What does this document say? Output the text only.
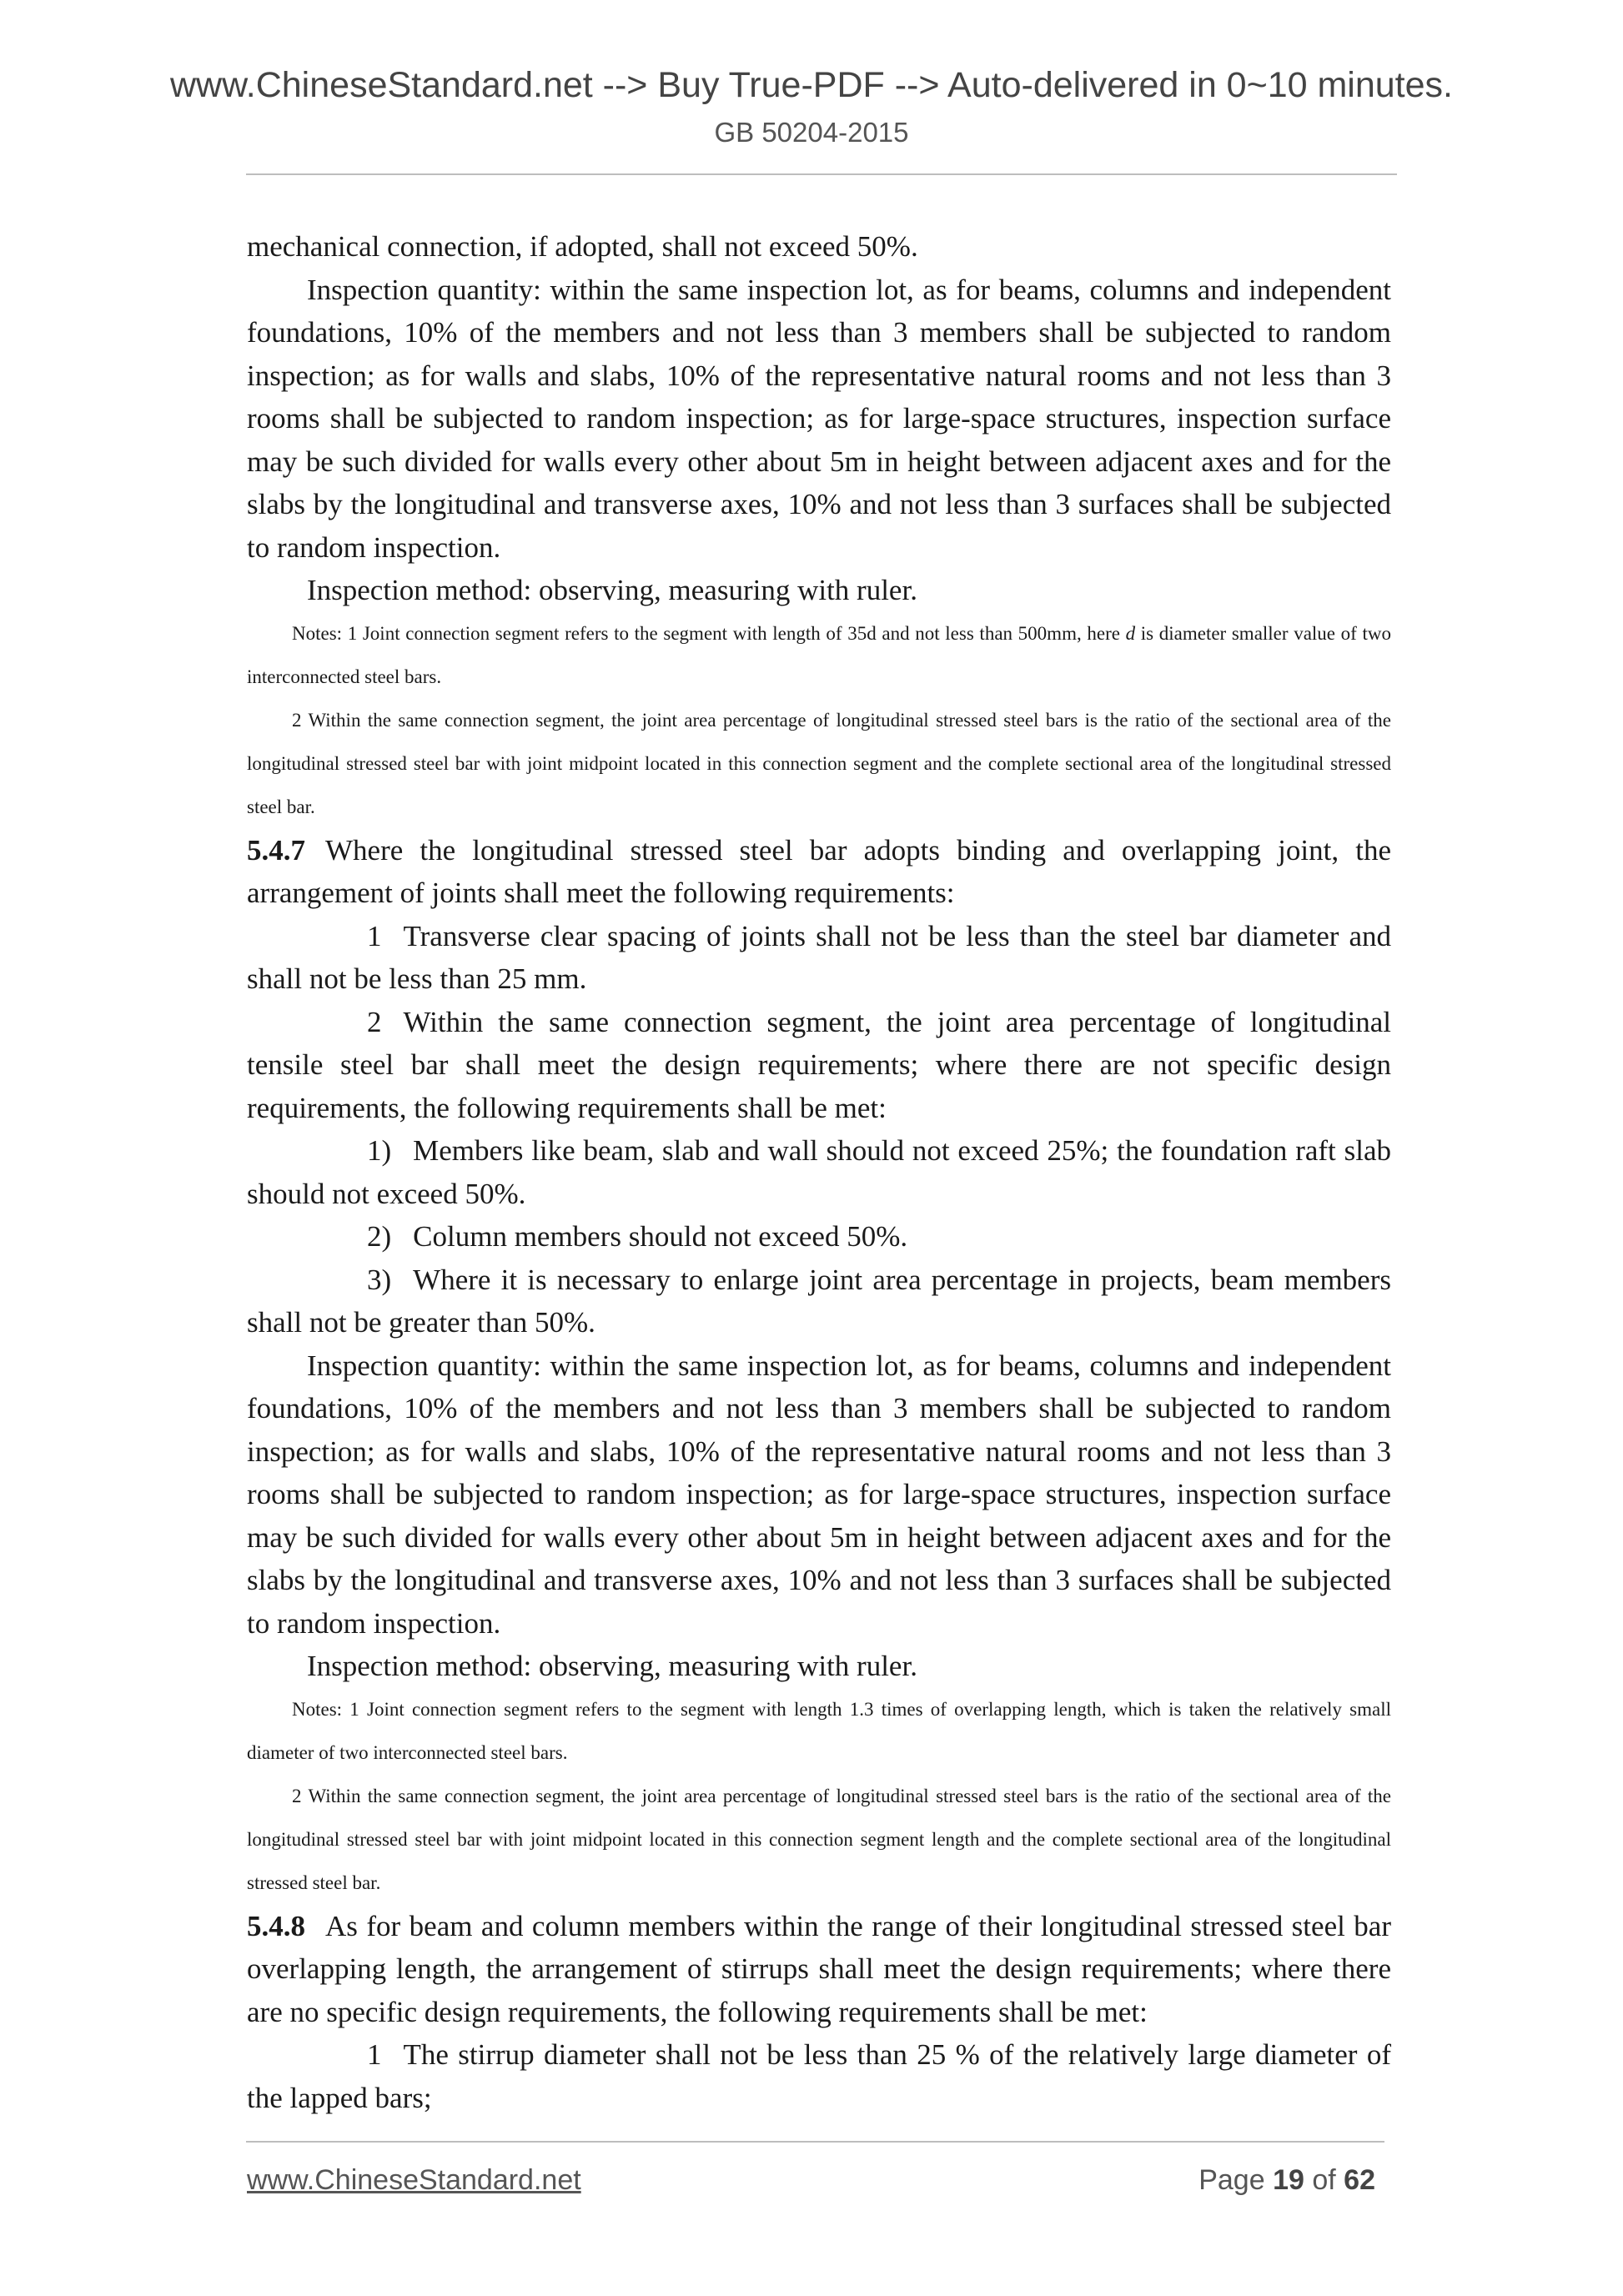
www.ChineseStandard.net --> Buy True-PDF --> Auto-delivered in 0~10 minutes.
GB 50204-2015

mechanical connection, if adopted, shall not exceed 50%.

Inspection quantity: within the same inspection lot, as for beams, columns and independent foundations, 10% of the members and not less than 3 members shall be subjected to random inspection; as for walls and slabs, 10% of the representative natural rooms and not less than 3 rooms shall be subjected to random inspection; as for large-space structures, inspection surface may be such divided for walls every other about 5m in height between adjacent axes and for the slabs by the longitudinal and transverse axes, 10% and not less than 3 surfaces shall be subjected to random inspection.

Inspection method: observing, measuring with ruler.

Notes: 1 Joint connection segment refers to the segment with length of 35d and not less than 500mm, here d is diameter smaller value of two interconnected steel bars.

2 Within the same connection segment, the joint area percentage of longitudinal stressed steel bars is the ratio of the sectional area of the longitudinal stressed steel bar with joint midpoint located in this connection segment and the complete sectional area of the longitudinal stressed steel bar.

5.4.7 Where the longitudinal stressed steel bar adopts binding and overlapping joint, the arrangement of joints shall meet the following requirements:

1 Transverse clear spacing of joints shall not be less than the steel bar diameter and shall not be less than 25 mm.

2 Within the same connection segment, the joint area percentage of longitudinal tensile steel bar shall meet the design requirements; where there are not specific design requirements, the following requirements shall be met:

1) Members like beam, slab and wall should not exceed 25%; the foundation raft slab should not exceed 50%.

2) Column members should not exceed 50%.

3) Where it is necessary to enlarge joint area percentage in projects, beam members shall not be greater than 50%.

Inspection quantity: within the same inspection lot, as for beams, columns and independent foundations, 10% of the members and not less than 3 members shall be subjected to random inspection; as for walls and slabs, 10% of the representative natural rooms and not less than 3 rooms shall be subjected to random inspection; as for large-space structures, inspection surface may be such divided for walls every other about 5m in height between adjacent axes and for the slabs by the longitudinal and transverse axes, 10% and not less than 3 surfaces shall be subjected to random inspection.

Inspection method: observing, measuring with ruler.

Notes: 1 Joint connection segment refers to the segment with length 1.3 times of overlapping length, which is taken the relatively small diameter of two interconnected steel bars.

2 Within the same connection segment, the joint area percentage of longitudinal stressed steel bars is the ratio of the sectional area of the longitudinal stressed steel bar with joint midpoint located in this connection segment length and the complete sectional area of the longitudinal stressed steel bar.

5.4.8 As for beam and column members within the range of their longitudinal stressed steel bar overlapping length, the arrangement of stirrups shall meet the design requirements; where there are no specific design requirements, the following requirements shall be met:

1 The stirrup diameter shall not be less than 25 % of the relatively large diameter of the lapped bars;

www.ChineseStandard.net	Page 19 of 62
